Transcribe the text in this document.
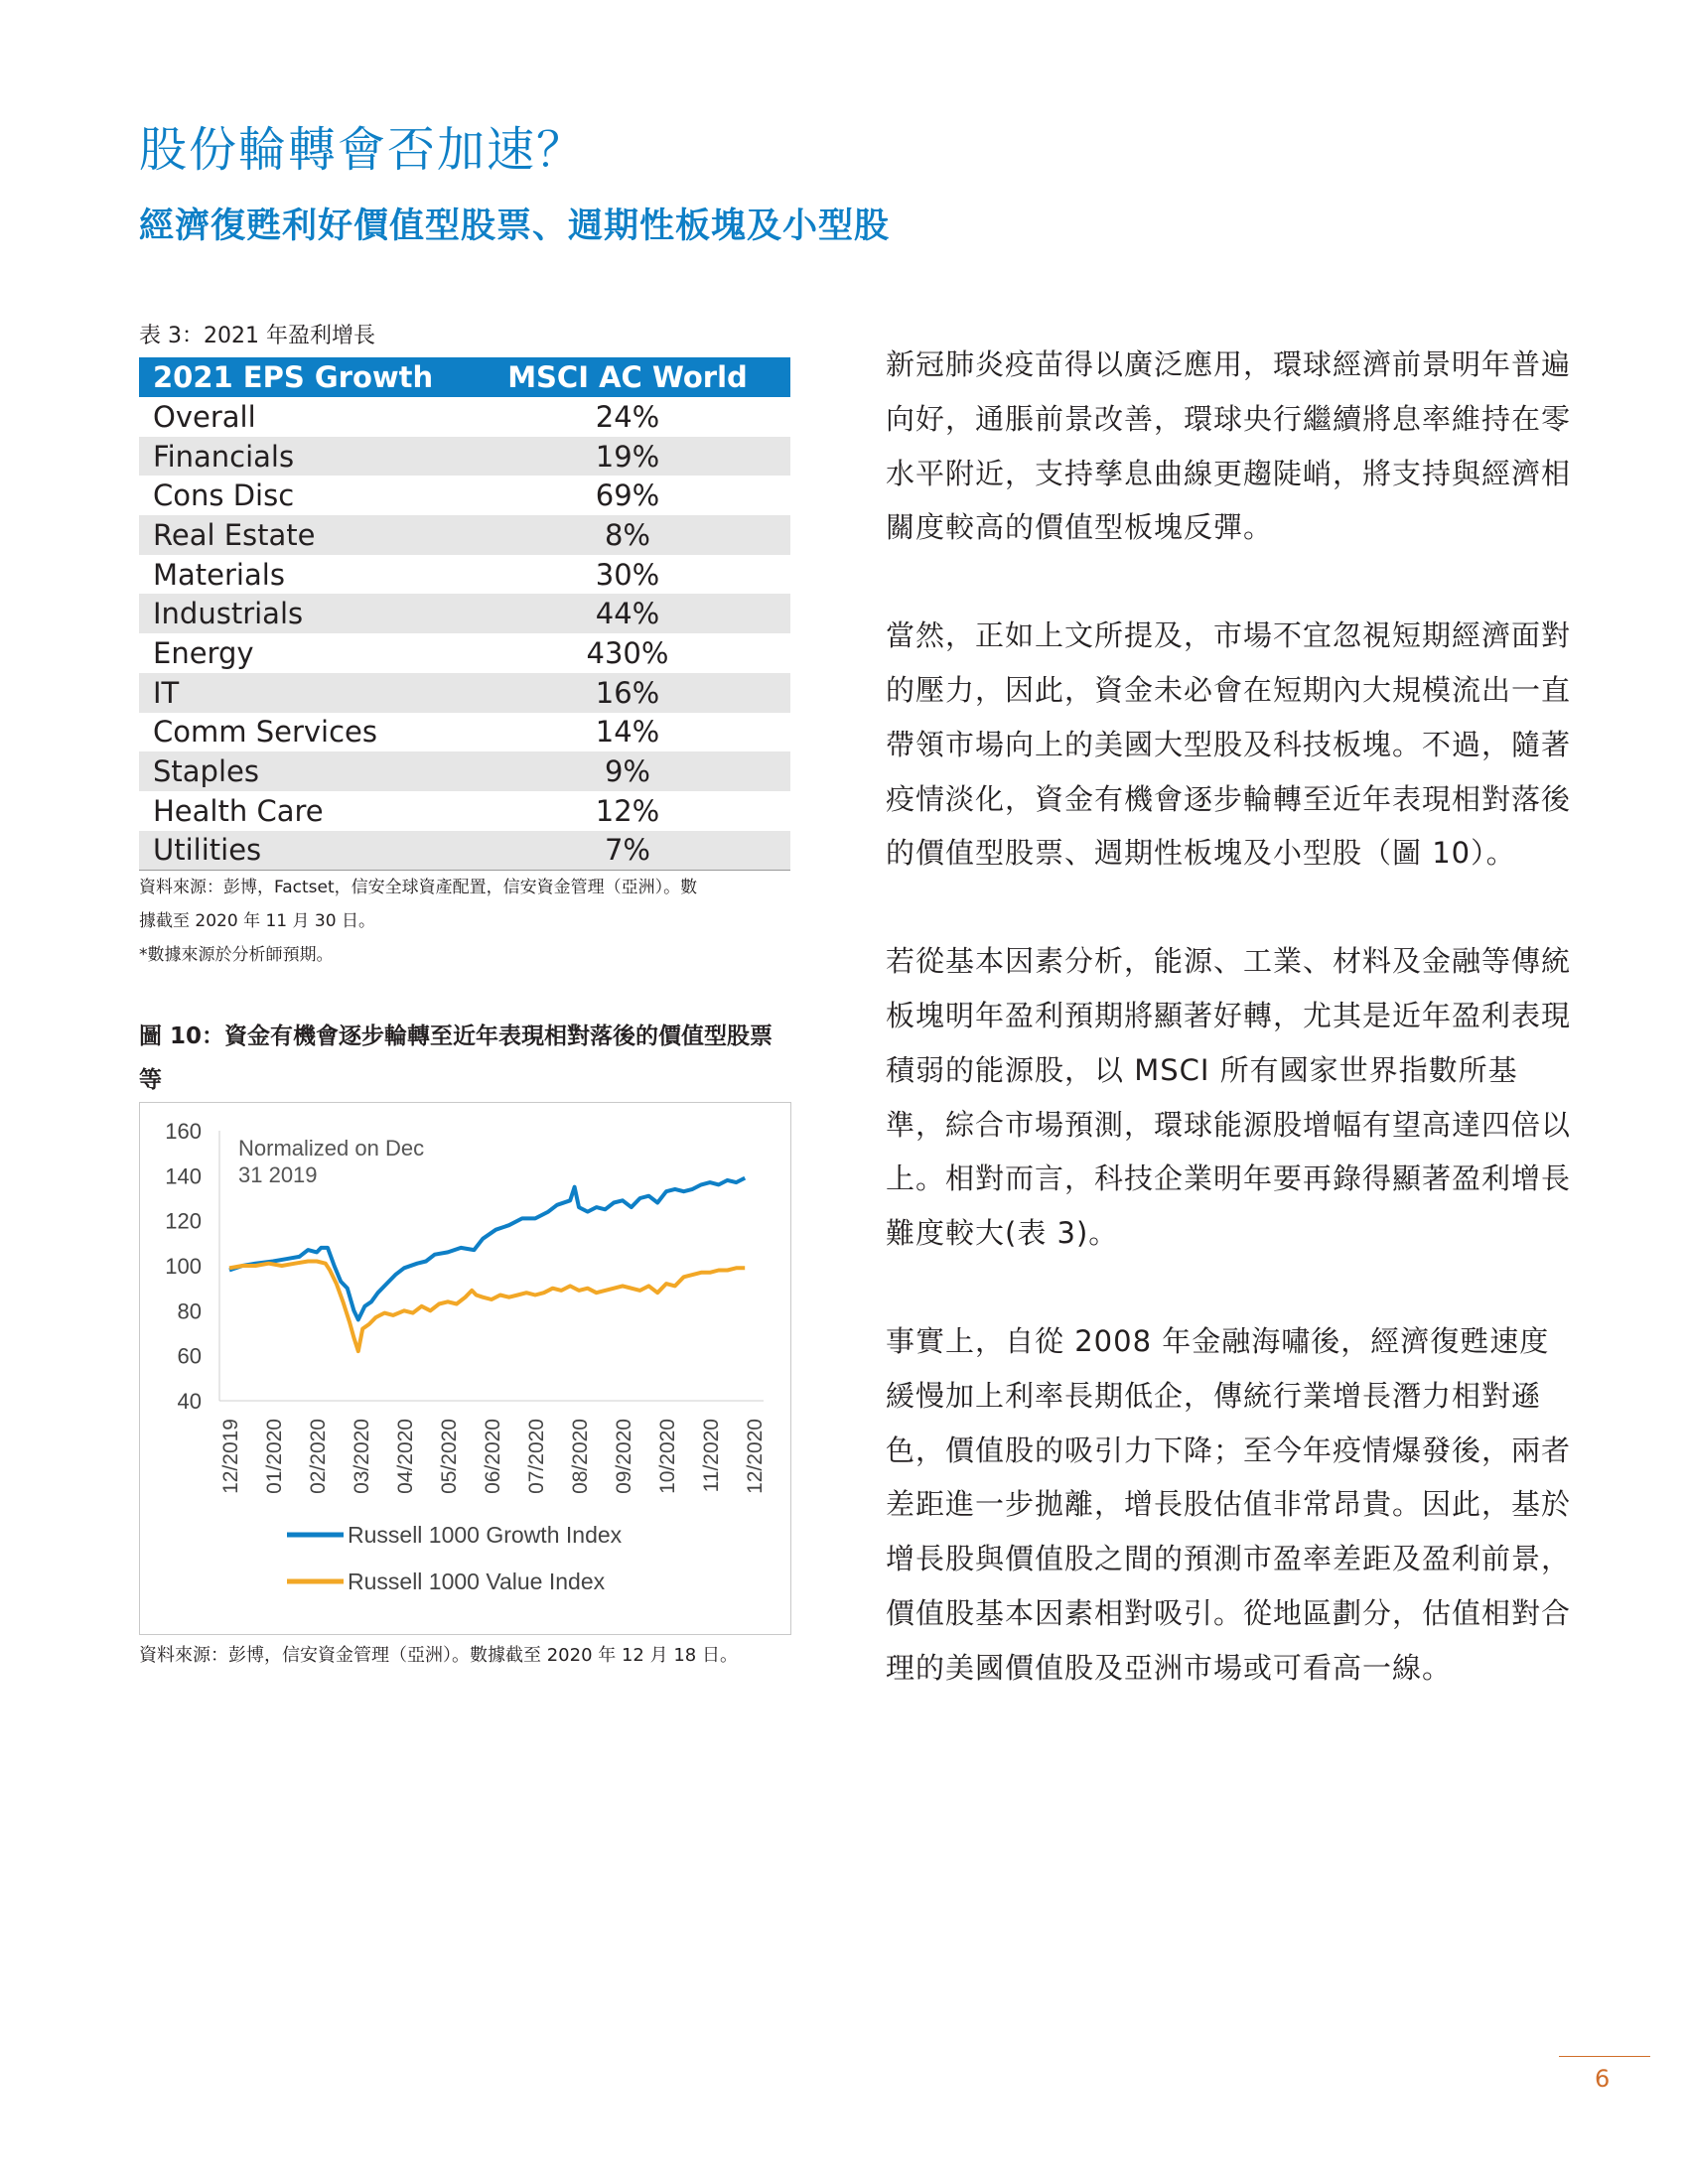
股份輪轉會否加速？
經濟復甦利好價值型股票、週期性板塊及小型股
表 3：2021 年盈利增長
2021 EPS Growth	MSCI AC World
Overall	24%
Financials	19%
Cons Disc	69%
Real Estate	8%
Materials	30%
Industrials	44%
Energy	430%
IT	16%
Comm Services	14%
Staples	9%
Health Care	12%
Utilities	7%
資料來源：彭博，Factset，信安全球資產配置，信安資金管理（亞洲）。數
據截至 2020 年 11 月 30 日。
*數據來源於分析師預期。
圖 10：資金有機會逐步輪轉至近年表現相對落後的價值型股票等
160
140
120
100
80
60
40
12/2019 01/2020 02/2020 03/2020 04/2020 05/2020 06/2020 07/2020 08/2020 09/2020 10/2020 11/2020 12/2020
Russell 1000 Growth Index
Russell 1000 Value Index
Normalized on Dec
31 2019
資料來源：彭博，信安資金管理（亞洲）。數據截至 2020 年 12 月 18 日。

新冠肺炎疫苗得以廣泛應用，環球經濟前景明年普遍向好，通脹前景改善，環球央行繼續將息率維持在零水平附近，支持孳息曲線更趨陡峭，將支持與經濟相關度較高的價值型板塊反彈。

當然，正如上文所提及，市場不宜忽視短期經濟面對的壓力，因此，資金未必會在短期內大規模流出一直帶領市場向上的美國大型股及科技板塊。不過，隨著疫情淡化，資金有機會逐步輪轉至近年表現相對落後的價值型股票、週期性板塊及小型股（圖 10）。

若從基本因素分析，能源、工業、材料及金融等傳統板塊明年盈利預期將顯著好轉，尤其是近年盈利表現積弱的能源股，以 MSCI 所有國家世界指數所基準，綜合市場預測，環球能源股增幅有望高達四倍以上。相對而言，科技企業明年要再錄得顯著盈利增長難度較大(表 3)。

事實上，自從 2008 年金融海嘯後，經濟復甦速度緩慢加上利率長期低企，傳統行業增長潛力相對遜色，價值股的吸引力下降；至今年疫情爆發後，兩者差距進一步拋離，增長股估值非常昂貴。因此，基於增長股與價值股之間的預測市盈率差距及盈利前景，價值股基本因素相對吸引。從地區劃分，估值相對合理的美國價值股及亞洲市場或可看高一線。

6
